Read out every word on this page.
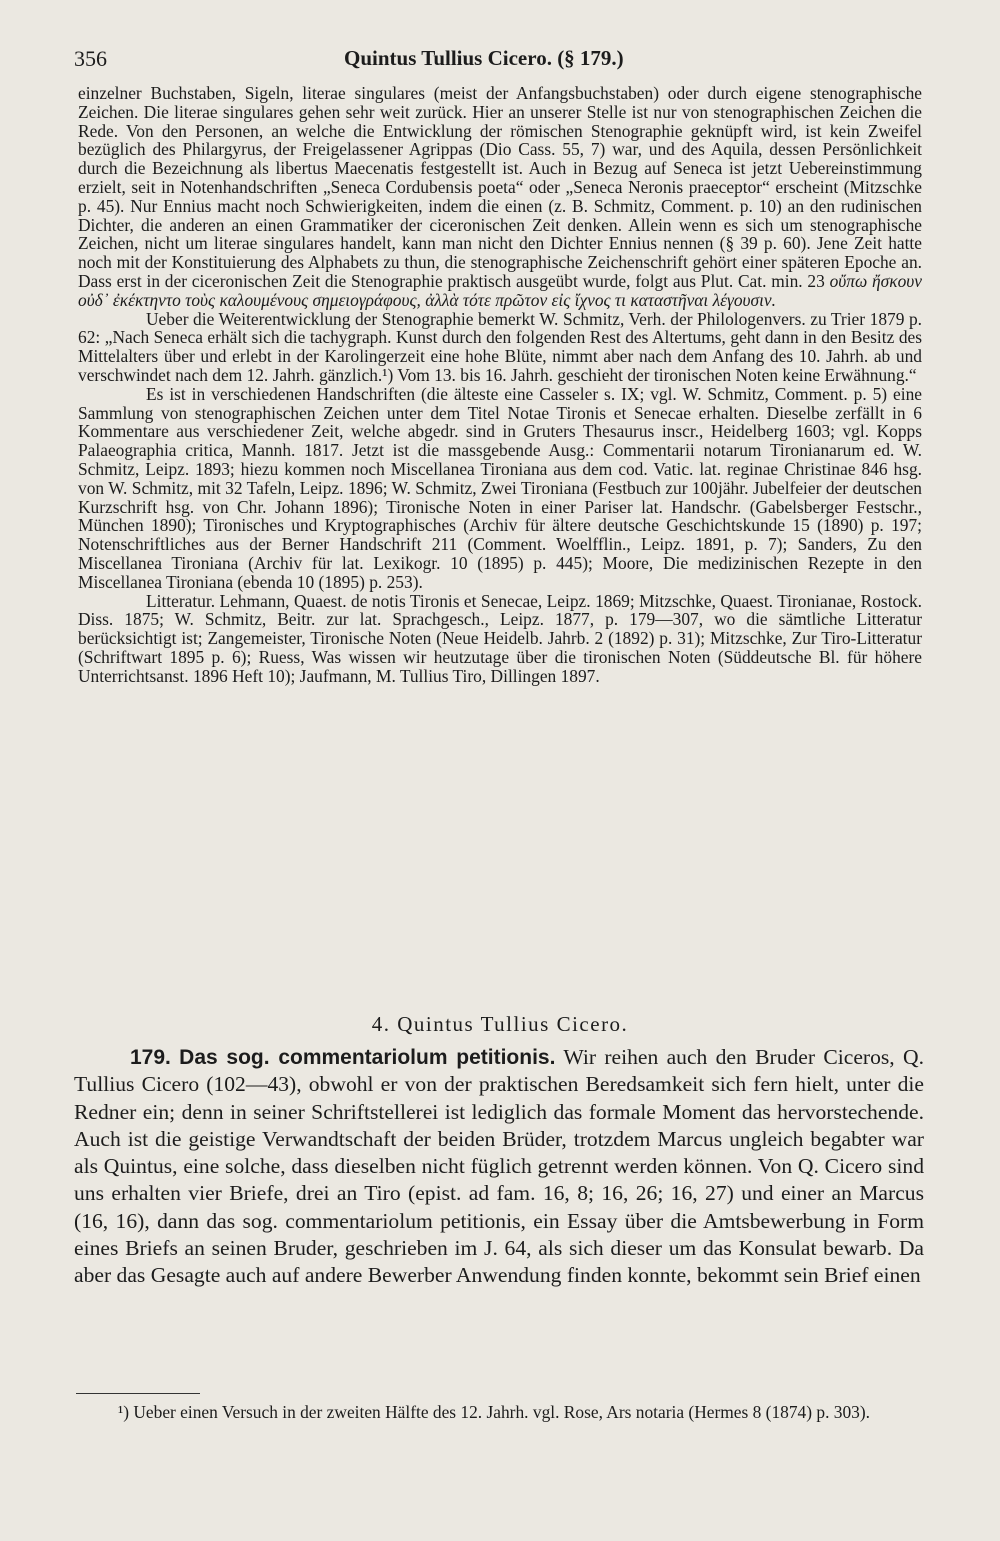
356	Quintus Tullius Cicero. (§ 179.)

einzelner Buchstaben, Sigeln, literae singulares (meist der Anfangsbuchstaben) oder durch eigene stenographische Zeichen. Die literae singulares gehen sehr weit zurück. Hier an unserer Stelle ist nur von stenographischen Zeichen die Rede. Von den Personen, an welche die Entwicklung der römischen Stenographie geknüpft wird, ist kein Zweifel bezüglich des Philargyrus, der Freigelassener Agrippas (Dio Cass. 55, 7) war, und des Aquila, dessen Persönlichkeit durch die Bezeichnung als libertus Maecenatis festgestellt ist. Auch in Bezug auf Seneca ist jetzt Uebereinstimmung erzielt, seit in Notenhandschriften „Seneca Cordubensis poeta“ oder „Seneca Neronis praeceptor“ erscheint (Mitzschke p. 45). Nur Ennius macht noch Schwierigkeiten, indem die einen (z. B. Schmitz, Comment. p. 10) an den rudinischen Dichter, die anderen an einen Grammatiker der ciceronischen Zeit denken. Allein wenn es sich um stenographische Zeichen, nicht um literae singulares handelt, kann man nicht den Dichter Ennius nennen (§ 39 p. 60). Jene Zeit hatte noch mit der Konstituierung des Alphabets zu thun, die stenographische Zeichenschrift gehört einer späteren Epoche an. Dass erst in der ciceronischen Zeit die Stenographie praktisch ausgeübt wurde, folgt aus Plut. Cat. min. 23 οὔπω ἤσκουν οὐδ᾽ ἐκέκτηντο τοὺς καλουμένους σημειογράφους, ἀλλὰ τότε πρῶτον εἰς ἴχνος τι καταστῆναι λέγουσιν.

Ueber die Weiterentwicklung der Stenographie bemerkt W. Schmitz, Verh. der Philologenvers. zu Trier 1879 p. 62: „Nach Seneca erhält sich die tachygraph. Kunst durch den folgenden Rest des Altertums, geht dann in den Besitz des Mittelalters über und erlebt in der Karolingerzeit eine hohe Blüte, nimmt aber nach dem Anfang des 10. Jahrh. ab und verschwindet nach dem 12. Jahrh. gänzlich.¹) Vom 13. bis 16. Jahrh. geschieht der tironischen Noten keine Erwähnung.“

Es ist in verschiedenen Handschriften (die älteste eine Casseler s. IX; vgl. W. Schmitz, Comment. p. 5) eine Sammlung von stenographischen Zeichen unter dem Titel Notae Tironis et Senecae erhalten. Dieselbe zerfällt in 6 Kommentare aus verschiedener Zeit, welche abgedr. sind in Gruters Thesaurus inscr., Heidelberg 1603; vgl. Kopps Palaeographia critica, Mannh. 1817. Jetzt ist die massgebende Ausg.: Commentarii notarum Tironianarum ed. W. Schmitz, Leipz. 1893; hiezu kommen noch Miscellanea Tironiana aus dem cod. Vatic. lat. reginae Christinae 846 hsg. von W. Schmitz, mit 32 Tafeln, Leipz. 1896; W. Schmitz, Zwei Tironiana (Festbuch zur 100jähr. Jubelfeier der deutschen Kurzschrift hsg. von Chr. Johann 1896); Tironische Noten in einer Pariser lat. Handschr. (Gabelsberger Festschr., München 1890); Tironisches und Kryptographisches (Archiv für ältere deutsche Geschichtskunde 15 (1890) p. 197; Notenschriftliches aus der Berner Handschrift 211 (Comment. Woelfflin., Leipz. 1891, p. 7); Sanders, Zu den Miscellanea Tironiana (Archiv für lat. Lexikogr. 10 (1895) p. 445); Moore, Die medizinischen Rezepte in den Miscellanea Tironiana (ebenda 10 (1895) p. 253).

Litteratur. Lehmann, Quaest. de notis Tironis et Senecae, Leipz. 1869; Mitzschke, Quaest. Tironianae, Rostock. Diss. 1875; W. Schmitz, Beitr. zur lat. Sprachgesch., Leipz. 1877, p. 179—307, wo die sämtliche Litteratur berücksichtigt ist; Zangemeister, Tironische Noten (Neue Heidelb. Jahrb. 2 (1892) p. 31); Mitzschke, Zur Tiro-Litteratur (Schriftwart 1895 p. 6); Ruess, Was wissen wir heutzutage über die tironischen Noten (Süddeutsche Bl. für höhere Unterrichtsanst. 1896 Heft 10); Jaufmann, M. Tullius Tiro, Dillingen 1897.

4. Quintus Tullius Cicero.

179. Das sog. commentariolum petitionis. Wir reihen auch den Bruder Ciceros, Q. Tullius Cicero (102—43), obwohl er von der praktischen Beredsamkeit sich fern hielt, unter die Redner ein; denn in seiner Schriftstellerei ist lediglich das formale Moment das hervorstechende. Auch ist die geistige Verwandtschaft der beiden Brüder, trotzdem Marcus ungleich begabter war als Quintus, eine solche, dass dieselben nicht füglich getrennt werden können. Von Q. Cicero sind uns erhalten vier Briefe, drei an Tiro (epist. ad fam. 16, 8; 16, 26; 16, 27) und einer an Marcus (16, 16), dann das sog. commentariolum petitionis, ein Essay über die Amtsbewerbung in Form eines Briefs an seinen Bruder, geschrieben im J. 64, als sich dieser um das Konsulat bewarb. Da aber das Gesagte auch auf andere Bewerber Anwendung finden konnte, bekommt sein Brief einen

¹) Ueber einen Versuch in der zweiten Hälfte des 12. Jahrh. vgl. Rose, Ars notaria (Hermes 8 (1874) p. 303).
